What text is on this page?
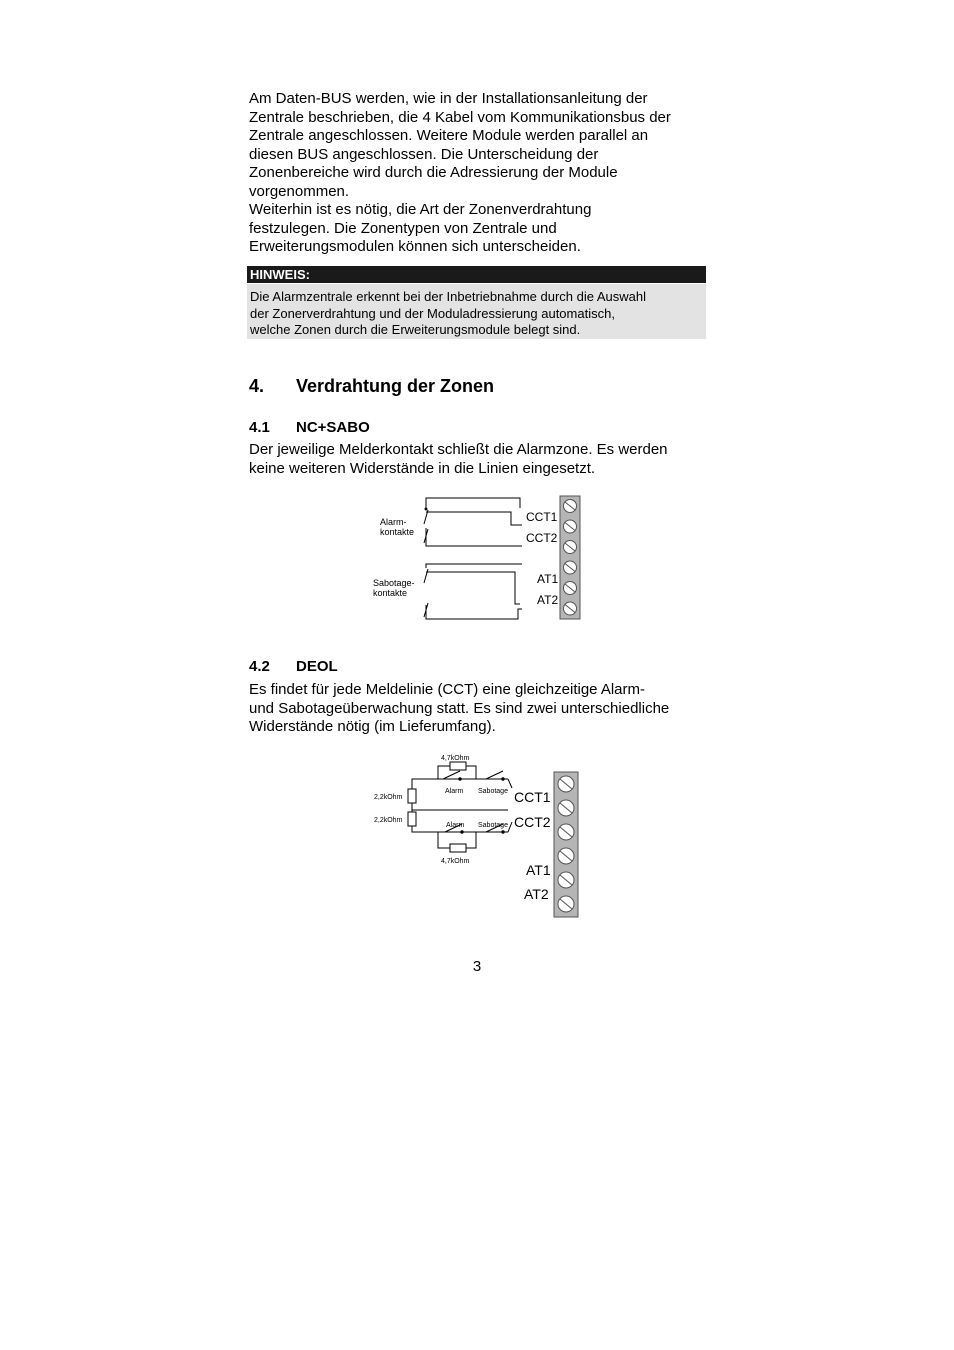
Am Daten-BUS werden, wie in der Installationsanleitung der

Zentrale beschrieben, die 4 Kabel vom Kommunikationsbus der

Zentrale angeschlossen. Weitere Module werden parallel an

diesen BUS angeschlossen. Die Unterscheidung der

Zonenbereiche wird durch die Adressierung der Module

vorgenommen.

Weiterhin ist es nötig, die Art der Zonenverdrahtung

festzulegen. Die Zonentypen von Zentrale und

Erweiterungsmodulen können sich unterscheiden.

HINWEIS:
Die Alarmzentrale erkennt bei der Inbetriebnahme durch die Auswahl
der Zonerverdrahtung und der Moduladressierung automatisch,
welche Zonen durch die Erweiterungsmodule belegt sind.
4. Verdrahtung der Zonen
4.1 NC+SABO

Der jeweilige Melderkontakt schließt die Alarmzone. Es werden

keine weiteren Widerstände in die Linien eingesetzt.

Alarm-
kontakte
Sabotage-
kontakte
CCT1
CCT2
AT1
AT2
4.2 DEOL

Es findet für jede Meldelinie (CCT) eine gleichzeitige Alarm-

und Sabotageüberwachung statt. Es sind zwei unterschiedliche

Widerstände nötig (im Lieferumfang).

4,7kOhm
4,7kOhm
2,2kOhm
2,2kOhm
Alarm Sabotage
Alarm Sabotage
CCT1
CCT2
AT1
AT2
3
